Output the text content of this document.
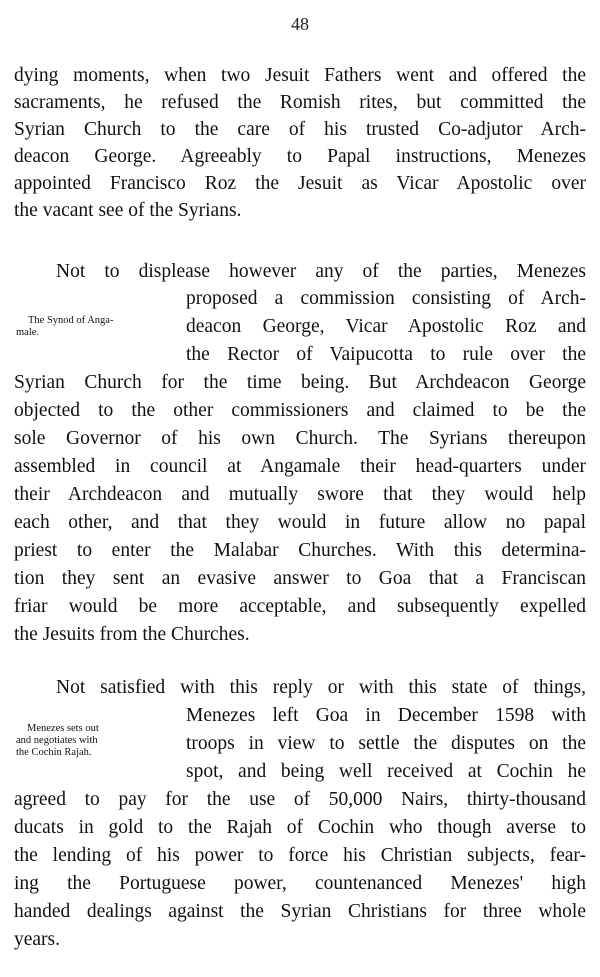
48
dying moments, when two Jesuit Fathers went and offered the
sacraments, he refused the Romish rites, but committed the
Syrian Church to the care of his trusted Co-adjutor Arch-
deacon George. Agreeably to Papal instructions, Menezes
appointed Francisco Roz the Jesuit as Vicar Apostolic over
the vacant see of the Syrians.
Not to displease however any of the parties, Menezes
proposed a commission consisting of Arch-
deacon George, Vicar Apostolic Roz and
the Rector of Vaipucotta to rule over the
Syrian Church for the time being. But Archdeacon George
objected to the other commissioners and claimed to be the
sole Governor of his own Church. The Syrians thereupon
assembled in council at Angamale their head-quarters under
their Archdeacon and mutually swore that they would help
each other, and that they would in future allow no papal
priest to enter the Malabar Churches. With this determina-
tion they sent an evasive answer to Goa that a Franciscan
friar would be more acceptable, and subsequently expelled
the Jesuits from the Churches.
The Synod of Anga-
male.
Not satisfied with this reply or with this state of things,
Menezes left Goa in December 1598 with
troops in view to settle the disputes on the
spot, and being well received at Cochin he
agreed to pay for the use of 50,000 Nairs, thirty-thousand
ducats in gold to the Rajah of Cochin who though averse to
the lending of his power to force his Christian subjects, fear-
ing the Portuguese power, countenanced Menezes' high
handed dealings against the Syrian Christians for three whole
years.
Menezes sets out
and negotiates with
the Cochin Rajah.
